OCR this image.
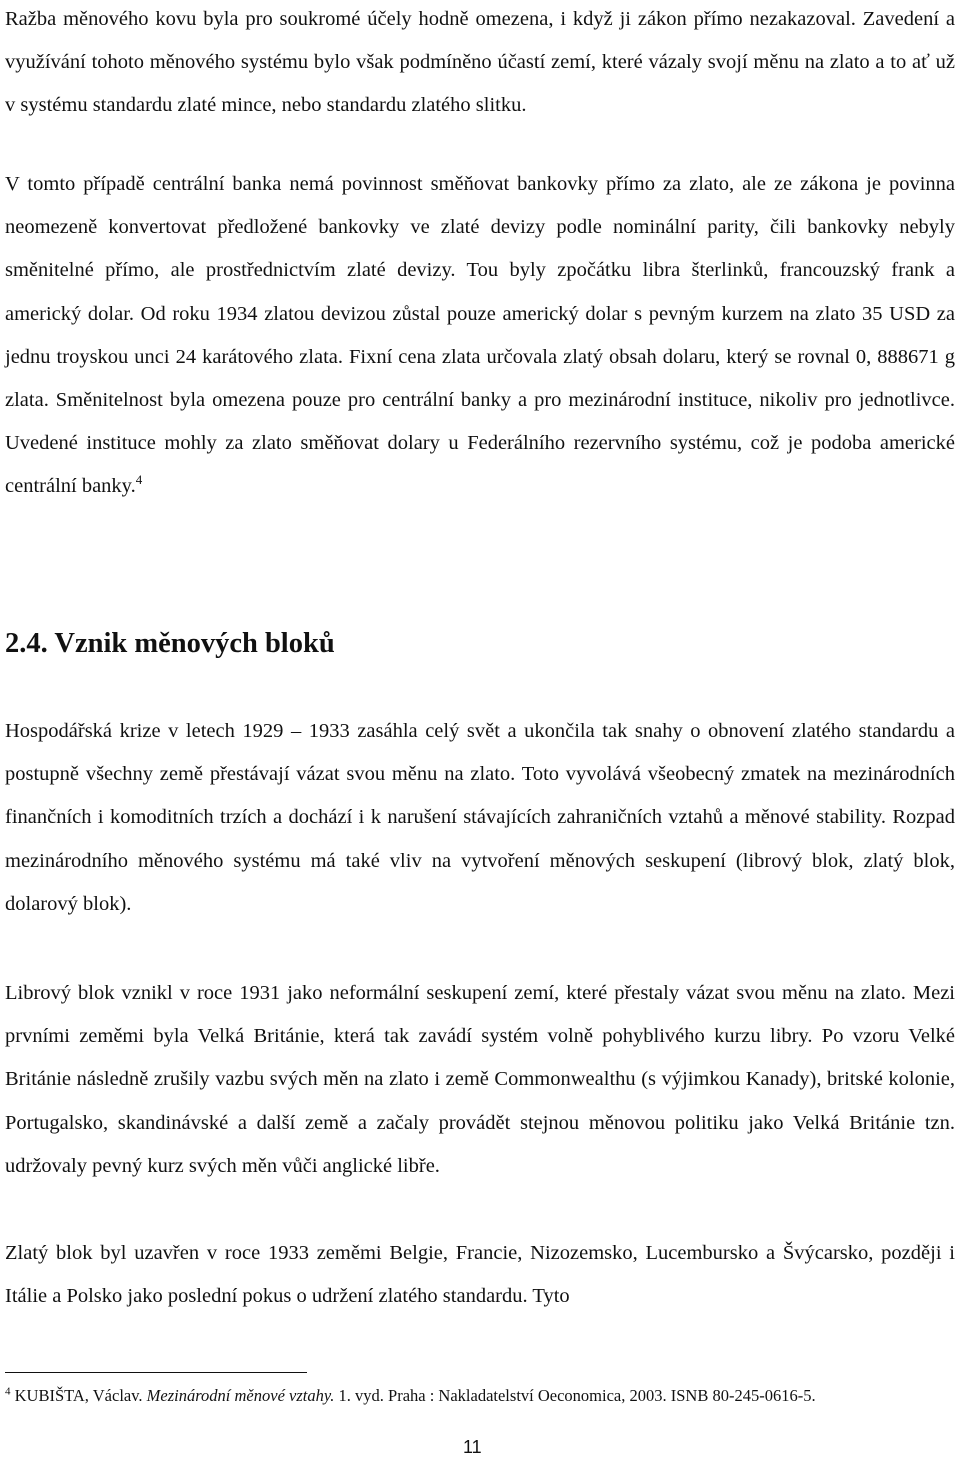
Ražba měnového kovu byla pro soukromé účely hodně omezena, i když ji zákon přímo nezakazoval. Zavedení a využívání tohoto měnového systému bylo však podmíněno účastí zemí, které vázaly svojí měnu na zlato a to ať už v systému standardu zlaté mince, nebo standardu zlatého slitku.

V tomto případě centrální banka nemá povinnost směňovat bankovky přímo za zlato, ale ze zákona je povinna neomezeně konvertovat předložené bankovky ve zlaté devizy podle nominální parity, čili bankovky nebyly směnitelné přímo, ale prostřednictvím zlaté devizy. Tou byly zpočátku libra šterlinků, francouzský frank a americký dolar. Od roku 1934 zlatou devizou zůstal pouze americký dolar s pevným kurzem na zlato 35 USD za jednu troyskou unci 24 karátového zlata. Fixní cena zlata určovala zlatý obsah dolaru, který se rovnal 0, 888671 g zlata. Směnitelnost byla omezena pouze pro centrální banky a pro mezinárodní instituce, nikoliv pro jednotlivce. Uvedené instituce mohly za zlato směňovat dolary u Federálního rezervního systému, což je podoba americké centrální banky.$^4$

2.4. Vznik měnových bloků

Hospodářská krize v letech 1929 – 1933 zasáhla celý svět a ukončila tak snahy o obnovení zlatého standardu a postupně všechny země přestávají vázat svou měnu na zlato. Toto vyvolává všeobecný zmatek na mezinárodních finančních i komoditních trzích a dochází i k narušení stávajících zahraničních vztahů a měnové stability. Rozpad mezinárodního měnového systému má také vliv na vytvoření měnových seskupení (librový blok, zlatý blok, dolarový blok).

Librový blok vznikl v roce 1931 jako neformální seskupení zemí, které přestaly vázat svou měnu na zlato. Mezi prvními zeměmi byla Velká Británie, která tak zavádí systém volně pohyblivého kurzu libry. Po vzoru Velké Británie následně zrušily vazbu svých měn na zlato i země Commonwealthu (s výjimkou Kanady), britské kolonie, Portugalsko, skandinávské a další země a začaly provádět stejnou měnovou politiku jako Velká Británie tzn. udržovaly pevný kurz svých měn vůči anglické libře.

Zlatý blok byl uzavřen v roce 1933 zeměmi Belgie, Francie, Nizozemsko, Lucembursko a Švýcarsko, později i Itálie a Polsko jako poslední pokus o udržení zlatého standardu. Tyto

$^4$ KUBIŠTA, Václav. Mezinárodní měnové vztahy. 1. vyd. Praha : Nakladatelství Oeconomica, 2003. ISNB 80-245-0616-5.

11
